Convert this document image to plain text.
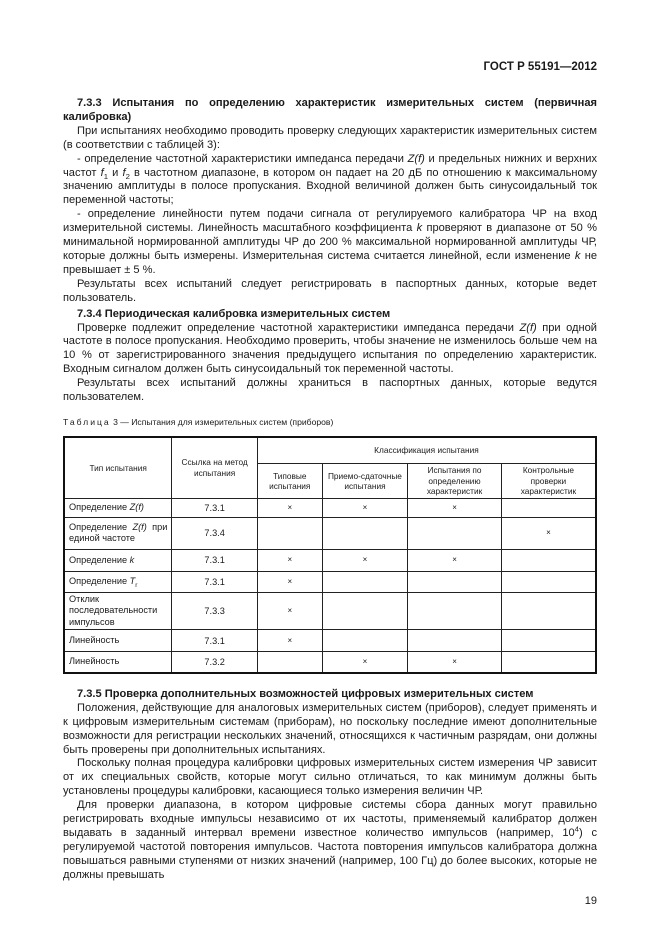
ГОСТ Р 55191—2012

7.3.3 Испытания по определению характеристик измерительных систем (первичная калибровка)

При испытаниях необходимо проводить проверку следующих характеристик измерительных систем (в соответствии с таблицей 3):

- определение частотной характеристики импеданса передачи Z(f) и предельных нижних и верхних частот $f_1$ и $f_2$ в частотном диапазоне, в котором он падает на 20 дБ по отношению к максимальному значению амплитуды в полосе пропускания. Входной величиной должен быть синусоидальный ток переменной частоты;

- определение линейности путем подачи сигнала от регулируемого калибратора ЧР на вход измерительной системы. Линейность масштабного коэффициента k проверяют в диапазоне от 50 % минимальной нормированной амплитуды ЧР до 200 % максимальной нормированной амплитуды ЧР, которые должны быть измерены. Измерительная система считается линейной, если изменение k не превышает ± 5 %.

Результаты всех испытаний следует регистрировать в паспортных данных, которые ведет пользователь.

7.3.4 Периодическая калибровка измерительных систем

Проверке подлежит определение частотной характеристики импеданса передачи Z(f) при одной частоте в полосе пропускания. Необходимо проверить, чтобы значение не изменилось больше чем на 10 % от зарегистрированного значения предыдущего испытания по определению характеристик. Входным сигналом должен быть синусоидальный ток переменной частоты.

Результаты всех испытаний должны храниться в паспортных данных, которые ведутся пользователем.

Таблица 3 — Испытания для измерительных систем (приборов)
Тип испытания	Ссылка на метод испытания	Классификация испытания			
		Типовые испытания	Приемо-сдаточные испытания	Испытания по определению характеристик	Контрольные проверки характеристик
Определение Z(f)	7.3.1	×	×	×	
Определение Z(f) при единой частоте	7.3.4				×
Определение k	7.3.1	×	×	×	
Определение $T_r$	7.3.1	×			
Отклик последовательности импульсов	7.3.3	×			
Линейность	7.3.1	×			
Линейность	7.3.2		×	×	

7.3.5 Проверка дополнительных возможностей цифровых измерительных систем

Положения, действующие для аналоговых измерительных систем (приборов), следует применять и к цифровым измерительным системам (приборам), но поскольку последние имеют дополнительные возможности для регистрации нескольких значений, относящихся к частичным разрядам, они должны быть проверены при дополнительных испытаниях.

Поскольку полная процедура калибровки цифровых измерительных систем измерения ЧР зависит от их специальных свойств, которые могут сильно отличаться, то как минимум должны быть установлены процедуры калибровки, касающиеся только измерения величин ЧР.

Для проверки диапазона, в котором цифровые системы сбора данных могут правильно регистрировать входные импульсы независимо от их частоты, применяемый калибратор должен выдавать в заданный интервал времени известное количество импульсов (например, $10^4$) с регулируемой частотой повторения импульсов. Частота повторения импульсов калибратора должна повышаться равными ступенями от низких значений (например, 100 Гц) до более высоких, которые не должны превышать

19
